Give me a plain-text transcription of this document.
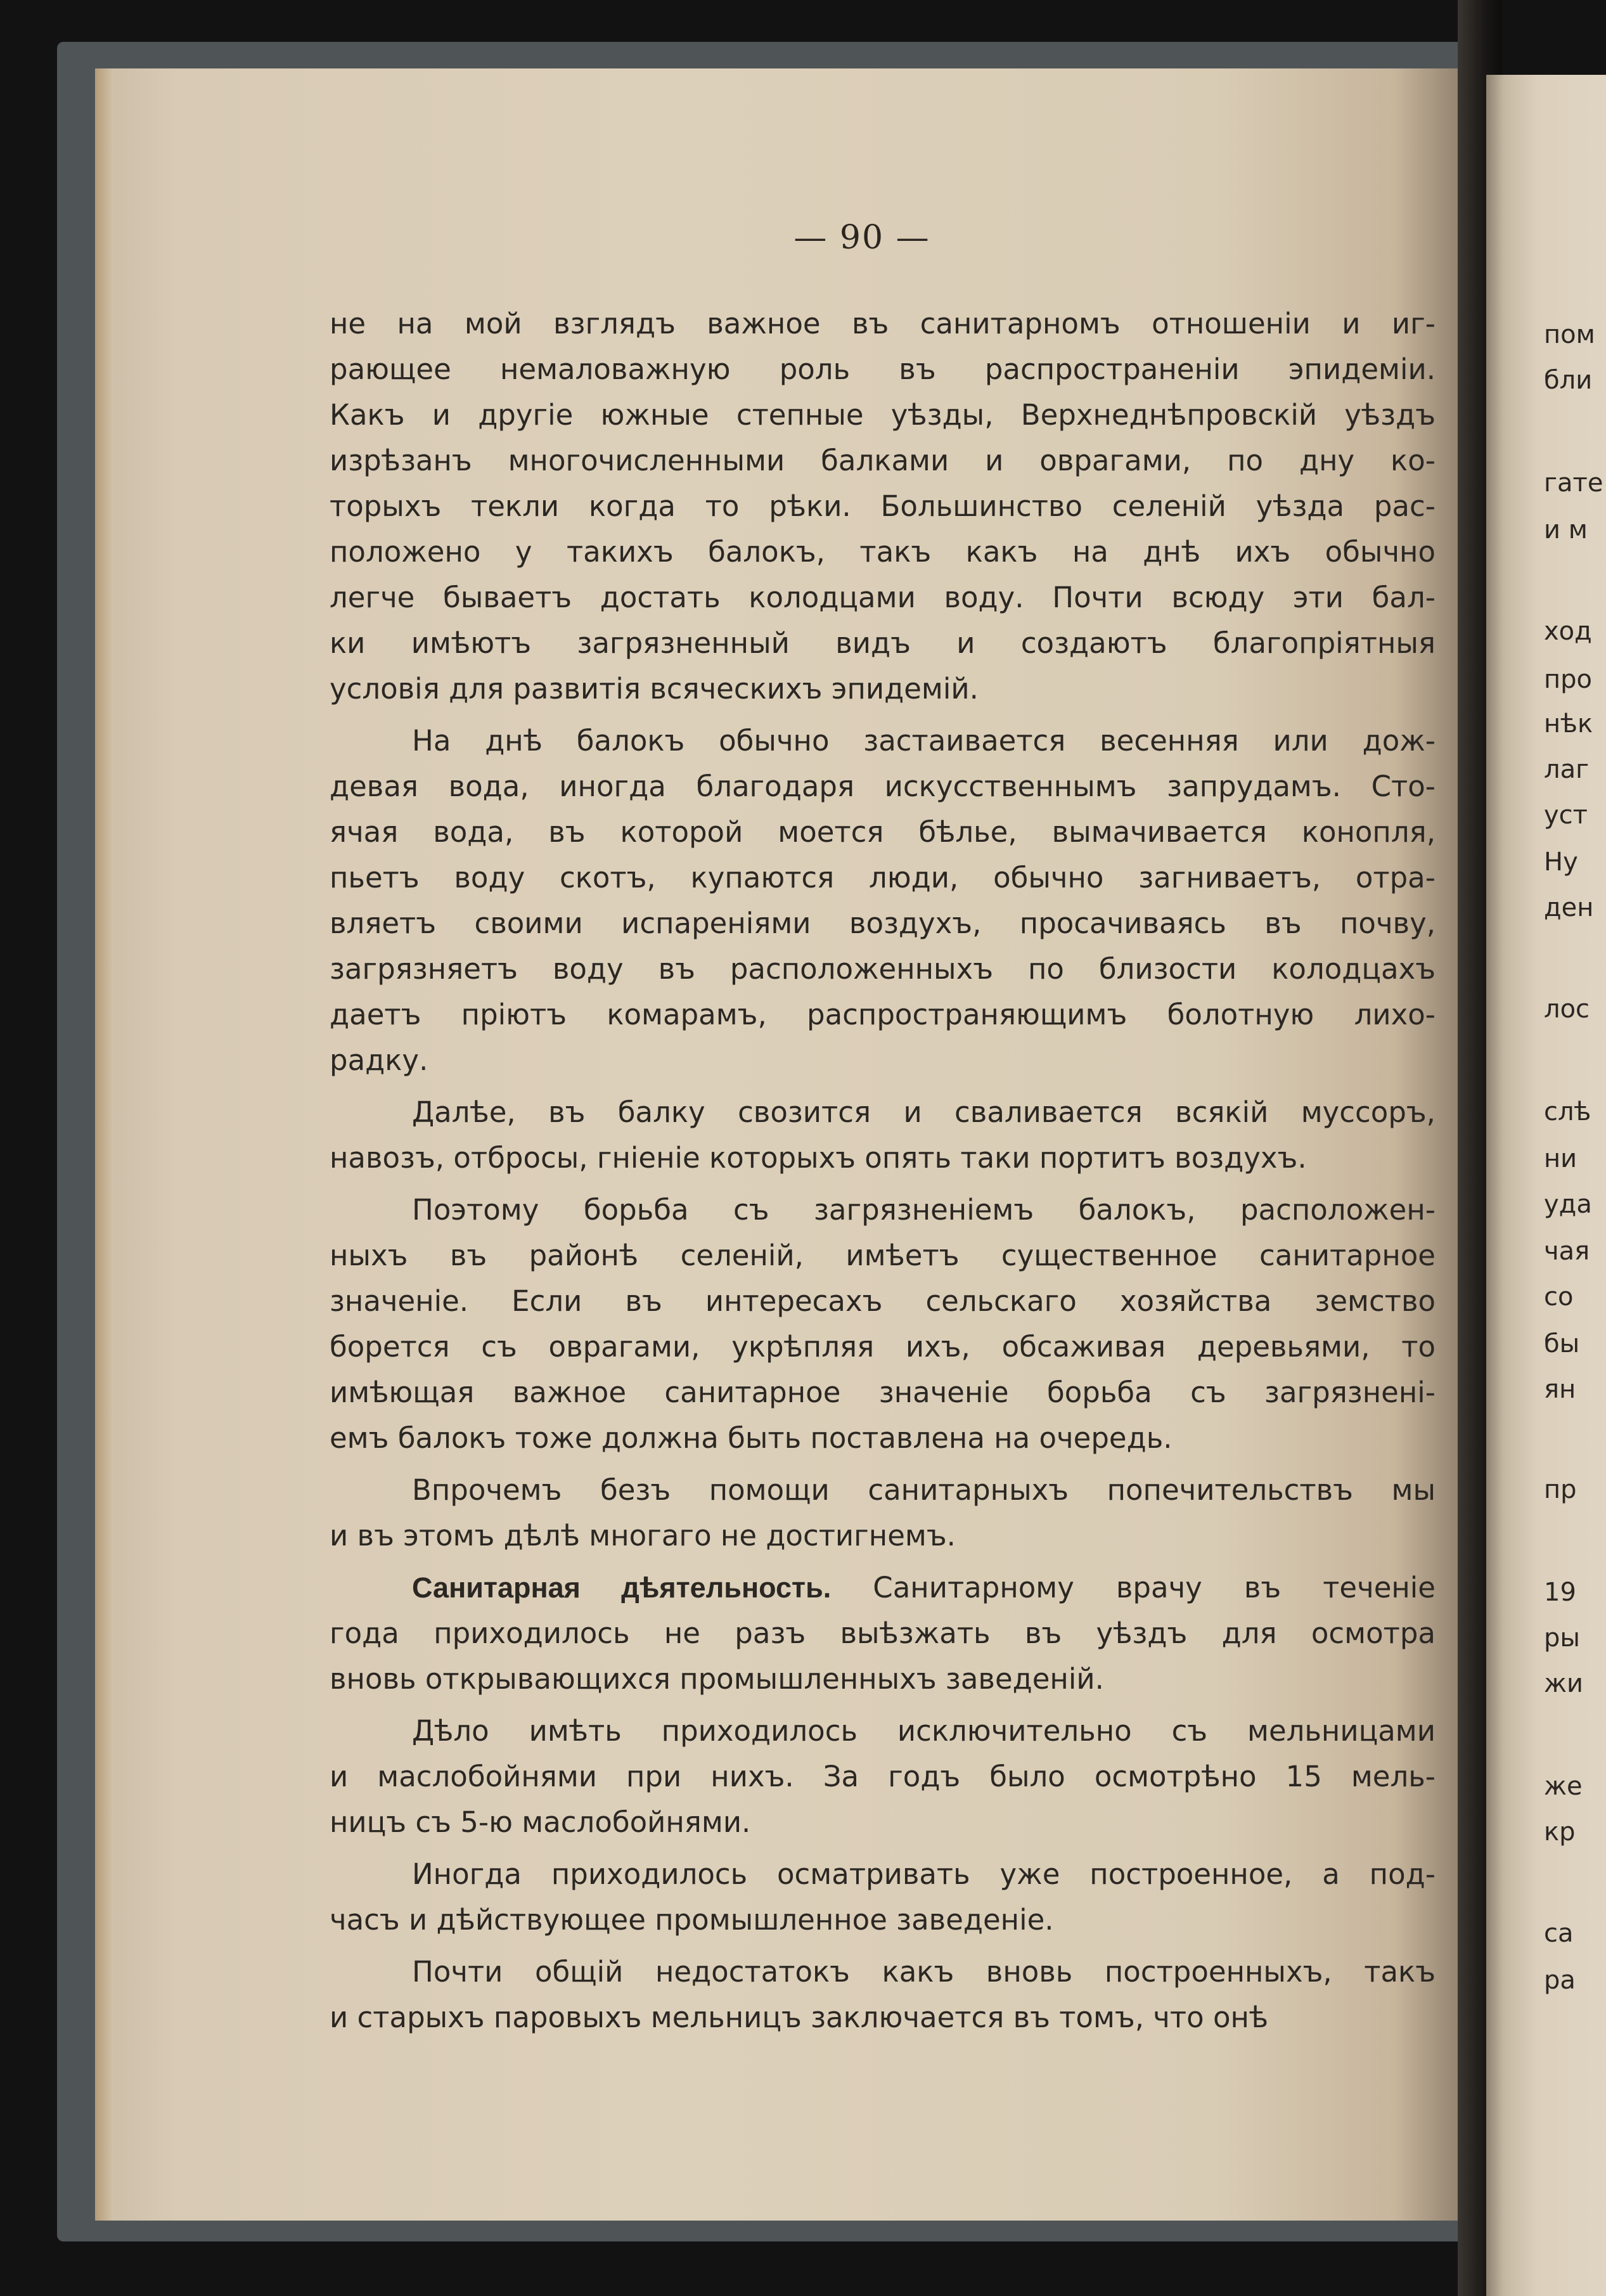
пом
бли
гате
и м
ход
про
нѣк
лаг
уст
Ну
ден
лос
слѣ
ни
уда
чая
со
бы
ян
пр
19
ры
жи
же
кр
са
ра
— 90 —
не на мой взглядъ важное въ санитарномъ отношенiи и иг-
рающее немаловажную роль въ распространенiи эпидемiи.
Какъ и другiе южные степные уѣзды, Верхнеднѣпровскiй уѣздъ
изрѣзанъ многочисленными балками и оврагами, по дну ко-
торыхъ текли когда то рѣки. Большинство селенiй уѣзда рас-
положено у такихъ балокъ, такъ какъ на днѣ ихъ обычно
легче бываетъ достать колодцами воду. Почти всюду эти бал-
ки имѣютъ загрязненный видъ и создаютъ благопрiятныя
условiя для развитiя всяческихъ эпидемiй.
На днѣ балокъ обычно застаивается весенняя или дож-
девая вода, иногда благодаря искусственнымъ запрудамъ. Сто-
ячая вода, въ которой моется бѣлье, вымачивается конопля,
пьетъ воду скотъ, купаются люди, обычно загниваетъ, отра-
вляетъ своими испаренiями воздухъ, просачиваясь въ почву,
загрязняетъ воду въ расположенныхъ по близости колодцахъ
даетъ прiютъ комарамъ, распространяющимъ болотную лихо-
радку.
Далѣе, въ балку свозится и сваливается всякiй муссоръ,
навозъ, отбросы, гнiенiе которыхъ опять таки портитъ воздухъ.
Поэтому борьба съ загрязненiемъ балокъ, расположен-
ныхъ въ районѣ селенiй, имѣетъ существенное санитарное
значенiе. Если въ интересахъ сельскаго хозяйства земство
борется съ оврагами, укрѣпляя ихъ, обсаживая деревьями, то
имѣющая важное санитарное значенiе борьба съ загрязненi-
емъ балокъ тоже должна быть поставлена на очередь.
Впрочемъ безъ помощи санитарныхъ попечительствъ мы
и въ этомъ дѣлѣ многаго не достигнемъ.
Санитарная дѣятельность. Санитарному врачу въ теченiе
года приходилось не разъ выѣзжать въ уѣздъ для осмотра
вновь открывающихся промышленныхъ заведенiй.
Дѣло имѣть приходилось исключительно съ мельницами
и маслобойнями при нихъ. За годъ было осмотрѣно 15 мель-
ницъ съ 5-ю маслобойнями.
Иногда приходилось осматривать уже построенное, а под-
часъ и дѣйствующее промышленное заведенiе.
Почти общiй недостатокъ какъ вновь построенныхъ, такъ
и старыхъ паровыхъ мельницъ заключается въ томъ, что онѣ
